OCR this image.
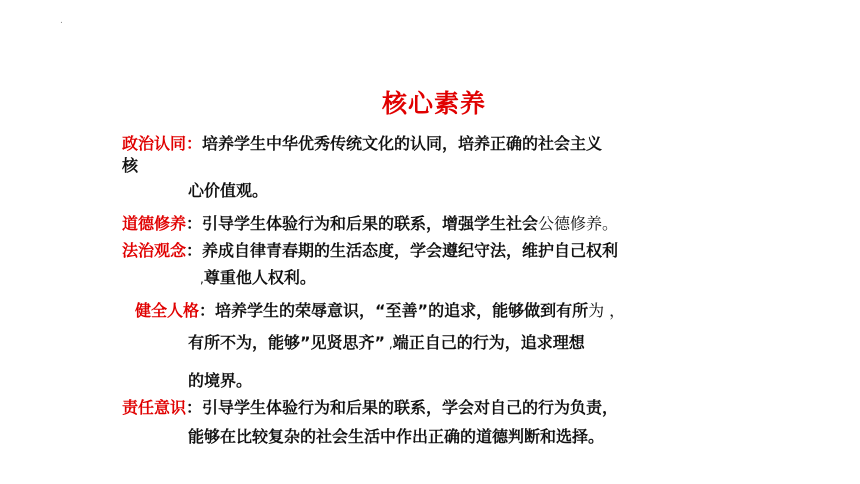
.
核心素养
政治认同：培养学生中华优秀传统文化的认同，培养正确的社会主义
核
心价值观。
道德修养：引导学生体验行为和后果的联系，增强学生社会公德修养。
法治观念：养成自律青春期的生活态度，学会遵纪守法，维护自己权利
,尊重他人权利。
健全人格：培养学生的荣辱意识，“至善”的追求，能够做到有所为 ，
有所不为，能够”见贤思齐” ,端正自己的行为，追求理想
的境界。
责任意识：引导学生体验行为和后果的联系，学会对自己的行为负责，
能够在比较复杂的社会生活中作出正确的道德判断和选择。
